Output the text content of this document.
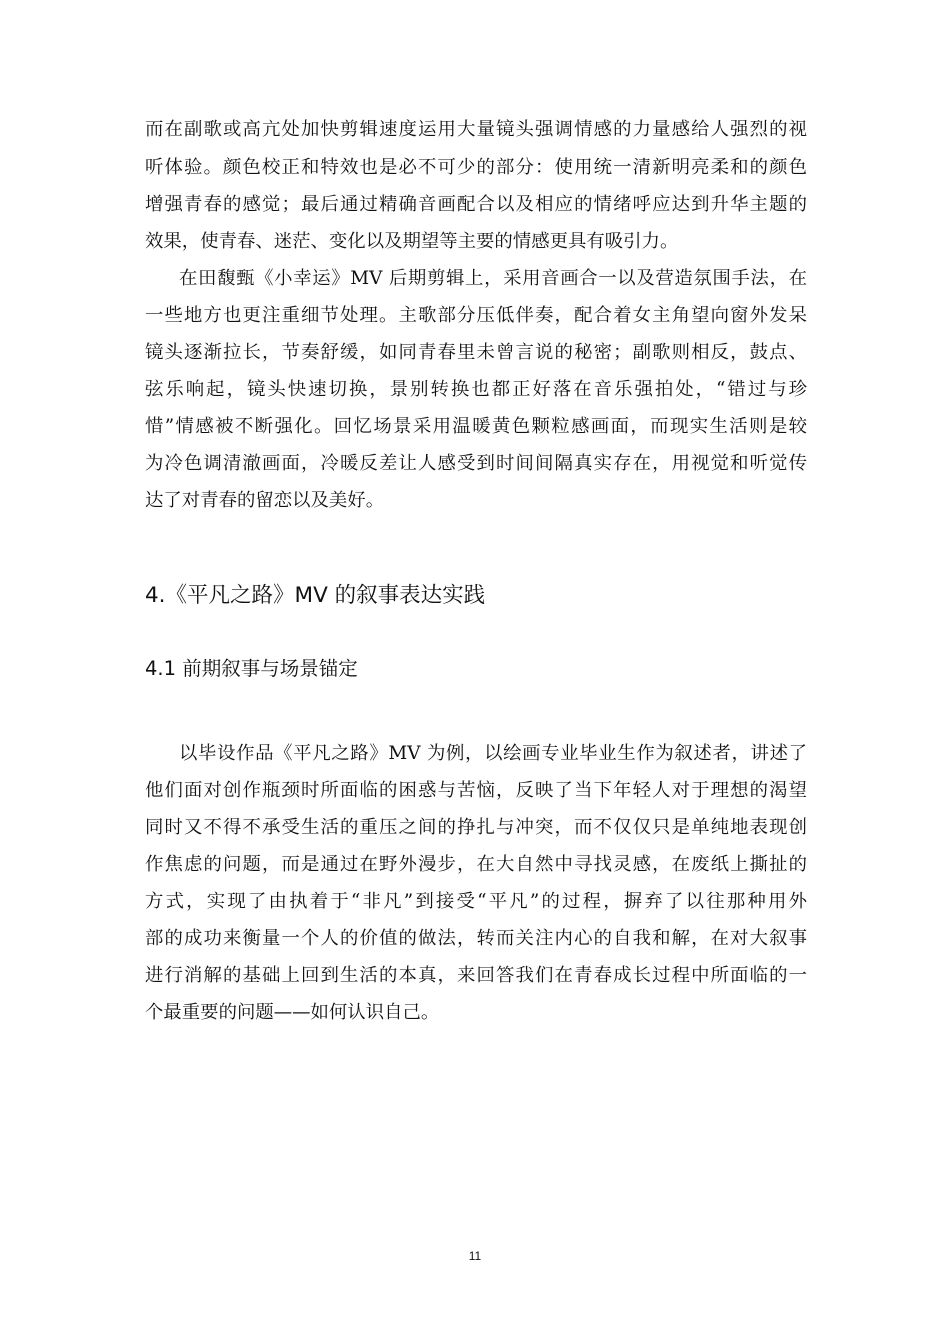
而在副歌或高亢处加快剪辑速度运用大量镜头强调情感的力量感给人强烈的视
听体验。颜色校正和特效也是必不可少的部分：使用统一清新明亮柔和的颜色
增强青春的感觉；最后通过精确音画配合以及相应的情绪呼应达到升华主题的
效果，使青春、迷茫、变化以及期望等主要的情感更具有吸引力。
在田馥甄《小幸运》MV 后期剪辑上，采用音画合一以及营造氛围手法，在
一些地方也更注重细节处理。主歌部分压低伴奏，配合着女主角望向窗外发呆
镜头逐渐拉长，节奏舒缓，如同青春里未曾言说的秘密；副歌则相反，鼓点、
弦乐响起，镜头快速切换，景别转换也都正好落在音乐强拍处，“错过与珍
惜”情感被不断强化。回忆场景采用温暖黄色颗粒感画面，而现实生活则是较
为冷色调清澈画面，冷暖反差让人感受到时间间隔真实存在，用视觉和听觉传
达了对青春的留恋以及美好。
4.《平凡之路》MV 的叙事表达实践
4.1 前期叙事与场景锚定
以毕设作品《平凡之路》MV 为例，以绘画专业毕业生作为叙述者，讲述了
他们面对创作瓶颈时所面临的困惑与苦恼，反映了当下年轻人对于理想的渴望
同时又不得不承受生活的重压之间的挣扎与冲突，而不仅仅只是单纯地表现创
作焦虑的问题，而是通过在野外漫步，在大自然中寻找灵感，在废纸上撕扯的
方式，实现了由执着于“非凡”到接受“平凡”的过程，摒弃了以往那种用外
部的成功来衡量一个人的价值的做法，转而关注内心的自我和解，在对大叙事
进行消解的基础上回到生活的本真，来回答我们在青春成长过程中所面临的一
个最重要的问题——如何认识自己。
11
